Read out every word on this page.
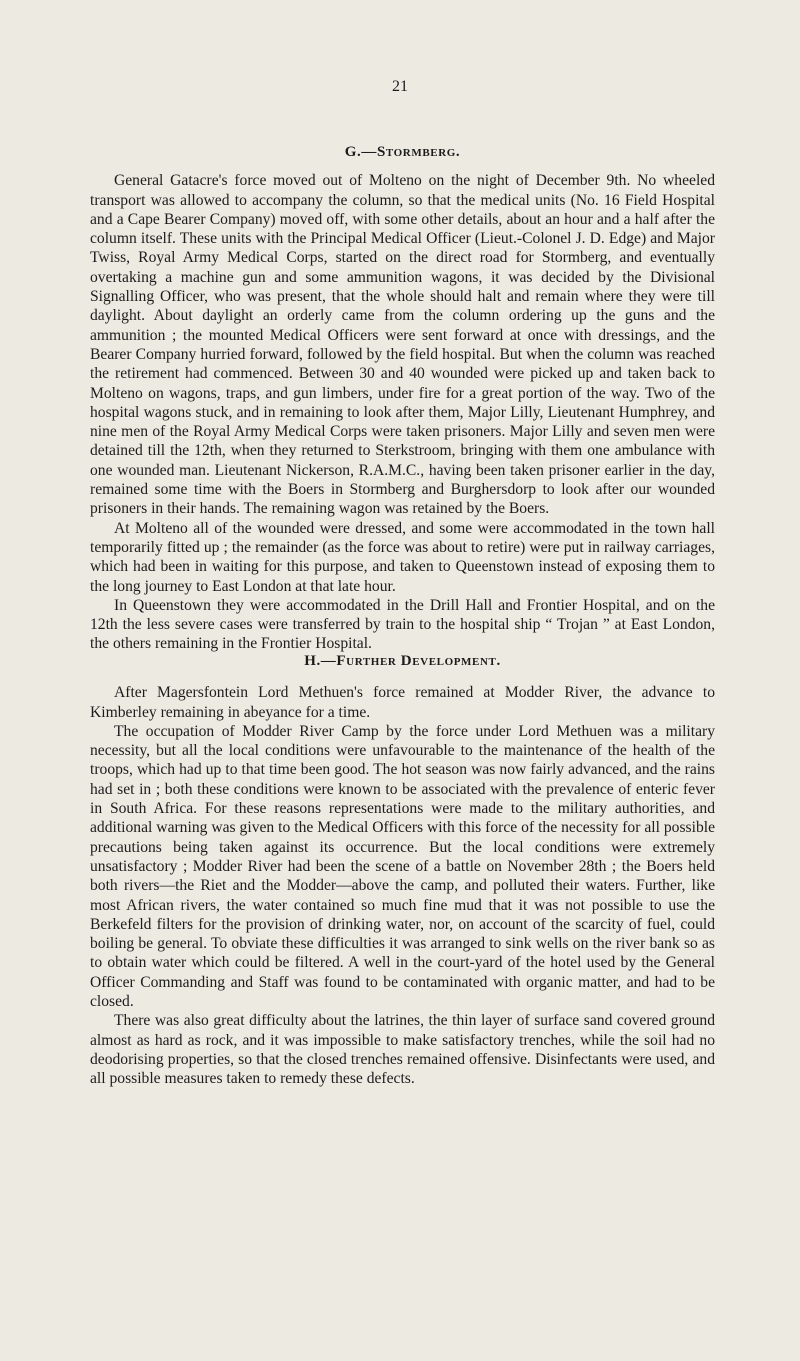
21
G.—Stormberg.

General Gatacre's force moved out of Molteno on the night of December 9th. No wheeled transport was allowed to accompany the column, so that the medical units (No. 16 Field Hospital and a Cape Bearer Company) moved off, with some other details, about an hour and a half after the column itself. These units with the Principal Medical Officer (Lieut.-Colonel J. D. Edge) and Major Twiss, Royal Army Medical Corps, started on the direct road for Stormberg, and eventually overtaking a machine gun and some ammunition wagons, it was decided by the Divisional Signalling Officer, who was present, that the whole should halt and remain where they were till daylight. About daylight an orderly came from the column ordering up the guns and the ammunition ; the mounted Medical Officers were sent forward at once with dressings, and the Bearer Company hurried forward, followed by the field hospital. But when the column was reached the retirement had commenced. Between 30 and 40 wounded were picked up and taken back to Molteno on wagons, traps, and gun limbers, under fire for a great portion of the way. Two of the hospital wagons stuck, and in remaining to look after them, Major Lilly, Lieutenant Humphrey, and nine men of the Royal Army Medical Corps were taken prisoners. Major Lilly and seven men were detained till the 12th, when they returned to Sterkstroom, bringing with them one ambulance with one wounded man. Lieutenant Nickerson, R.A.M.C., having been taken prisoner earlier in the day, remained some time with the Boers in Stormberg and Burghersdorp to look after our wounded prisoners in their hands. The remaining wagon was retained by the Boers.

At Molteno all of the wounded were dressed, and some were accommodated in the town hall temporarily fitted up ; the remainder (as the force was about to retire) were put in railway carriages, which had been in waiting for this purpose, and taken to Queenstown instead of exposing them to the long journey to East London at that late hour.

In Queenstown they were accommodated in the Drill Hall and Frontier Hospital, and on the 12th the less severe cases were transferred by train to the hospital ship “ Trojan ” at East London, the others remaining in the Frontier Hospital.

H.—Further Development.

After Magersfontein Lord Methuen's force remained at Modder River, the advance to Kimberley remaining in abeyance for a time.

The occupation of Modder River Camp by the force under Lord Methuen was a military necessity, but all the local conditions were unfavourable to the maintenance of the health of the troops, which had up to that time been good. The hot season was now fairly advanced, and the rains had set in ; both these conditions were known to be associated with the prevalence of enteric fever in South Africa. For these reasons representations were made to the military authorities, and additional warning was given to the Medical Officers with this force of the necessity for all possible precautions being taken against its occurrence. But the local conditions were extremely unsatisfactory ; Modder River had been the scene of a battle on November 28th ; the Boers held both rivers—the Riet and the Modder—above the camp, and polluted their waters. Further, like most African rivers, the water contained so much fine mud that it was not possible to use the Berkefeld filters for the provision of drinking water, nor, on account of the scarcity of fuel, could boiling be general. To obviate these difficulties it was arranged to sink wells on the river bank so as to obtain water which could be filtered. A well in the court-yard of the hotel used by the General Officer Commanding and Staff was found to be contaminated with organic matter, and had to be closed.

There was also great difficulty about the latrines, the thin layer of surface sand covered ground almost as hard as rock, and it was impossible to make satisfactory trenches, while the soil had no deodorising properties, so that the closed trenches remained offensive. Disinfectants were used, and all possible measures taken to remedy these defects.
